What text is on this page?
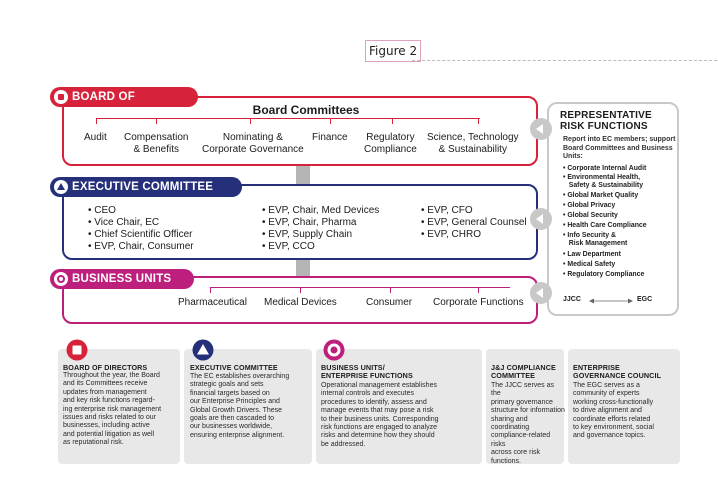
Figure 2
BOARD OF DIRECTORS
EXECUTIVE COMMITTEE
BUSINESS UNITS
Board Committees
Audit Compensation
& Benefits
Nominating &
Corporate Governance
Finance Regulatory
Compliance
Science, Technology
& Sustainability
• CEO
• Vice Chair, EC
• Chief Scientific Officer
• EVP, Chair, Consumer
• EVP, Chair, Med Devices
• EVP, Chair, Pharma
• EVP, Supply Chain
• EVP, CCO
• EVP, CFO
• EVP, General Counsel
• EVP, CHRO
Pharmaceutical Medical Devices	Consumer Corporate Functions
REPRESENTATIVE
RISK FUNCTIONS
Report into EC members; support Board Committees and Business Units:
• Corporate Internal Audit
• Environmental Health,
Safety & Sustainability
• Global Market Quality
• Global Privacy
• Global Security
• Health Care Compliance
• Info Security &
Risk Management
• Law Department
• Medical Safety
• Regulatory Compliance
JJCC	EGC
BOARD OF DIRECTORS
Throughout the year, the Board
and its Committees receive
updates from management
and key risk functions regard-
ing enterprise risk management
issues and risks related to our
businesses, including active
and potential litigation as well
as reputational risk.
EXECUTIVE COMMITTEE
The EC establishes overarching
strategic goals and sets
financial targets based on
our Enterprise Principles and
Global Growth Drivers. These
goals are then cascaded to
our businesses worldwide,
ensuring enterprise alignment.
BUSINESS UNITS/
ENTERPRISE FUNCTIONS
Operational management establishes
internal controls and executes
procedures to identify, assess and
manage events that may pose a risk
to their business units. Corresponding
risk functions are engaged to analyze
risks and determine how they should
be addressed.
J&J COMPLIANCE
COMMITTEE
The JJCC serves as the
primary governance
structure for information
sharing and coordinating
compliance-related risks
across core risk functions.
ENTERPRISE
GOVERNANCE COUNCIL
The EGC serves as a
community of experts
working cross-functionally
to drive alignment and
coordinate efforts related
to key environment, social
and governance topics.
